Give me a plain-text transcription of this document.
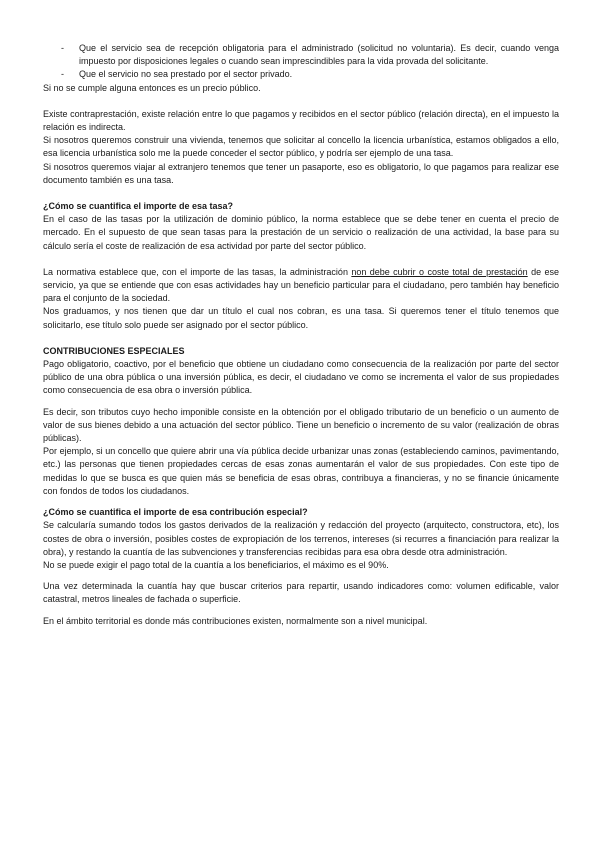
- Que el servicio sea de recepción obligatoria para el administrado (solicitud no voluntaria). Es decir, cuando venga impuesto por disposiciones legales o cuando sean imprescindibles para la vida provada del solicitante.
- Que el servicio no sea prestado por el sector privado.

Si no se cumple alguna entonces es un precio público.

Existe contraprestación, existe relación entre lo que pagamos y recibidos en el sector público (relación directa), en el impuesto la relación es indirecta.

Si nosotros queremos construir una vivienda, tenemos que solicitar al concello la licencia urbanística, estamos obligados a ello, esa licencia urbanística solo me la puede conceder el sector público, y podría ser ejemplo de una tasa.

Si nosotros queremos viajar al extranjero tenemos que tener un pasaporte, eso es obligatorio, lo que pagamos para realizar ese documento también es una tasa.

¿Cómo se cuantifica el importe de esa tasa?

En el caso de las tasas por la utilización de dominio público, la norma establece que se debe tener en cuenta el precio de mercado. En el supuesto de que sean tasas para la prestación de un servicio o realización de una actividad, la base para su cálculo sería el coste de realización de esa actividad por parte del sector público.

La normativa establece que, con el importe de las tasas, la administración non debe cubrir o coste total de prestación de ese servicio, ya que se entiende que con esas actividades hay un beneficio particular para el ciudadano, pero también hay beneficio para el conjunto de la sociedad.

Nos graduamos, y nos tienen que dar un título el cual nos cobran, es una tasa. Si queremos tener el título tenemos que solicitarlo, ese título solo puede ser asignado por el sector público.

CONTRIBUCIONES ESPECIALES

Pago obligatorio, coactivo, por el beneficio que obtiene un ciudadano como consecuencia de la realización por parte del sector público de una obra pública o una inversión pública, es decir, el ciudadano ve como se incrementa el valor de sus propiedades como consecuencia de esa obra o inversión pública.

Es decir, son tributos cuyo hecho imponible consiste en la obtención por el obligado tributario de un beneficio o un aumento de valor de sus bienes debido a una actuación del sector público. Tiene un beneficio o incremento de su valor (realización de obras públicas).

Por ejemplo, si un concello que quiere abrir una vía pública decide urbanizar unas zonas (estableciendo caminos, pavimentando, etc.) las personas que tienen propiedades cercas de esas zonas aumentarán el valor de sus propiedades. Con este tipo de medidas lo que se busca es que quien más se beneficia de esas obras, contribuya a financieras, y no se financie únicamente con fondos de todos los ciudadanos.

¿Cómo se cuantifica el importe de esa contribución especial?

Se calcularía sumando todos los gastos derivados de la realización y redacción del proyecto (arquitecto, constructora, etc), los costes de obra o inversión, posibles costes de expropiación de los terrenos, intereses (si recurres a financiación para realizar la obra), y restando la cuantía de las subvenciones y transferencias recibidas para esa obra desde otra administración.

No se puede exigir el pago total de la cuantía a los beneficiarios, el máximo es el 90%.

Una vez determinada la cuantía hay que buscar criterios para repartir, usando indicadores como: volumen edificable, valor catastral, metros lineales de fachada o superficie.

En el ámbito territorial es donde más contribuciones existen, normalmente son a nivel municipal.
